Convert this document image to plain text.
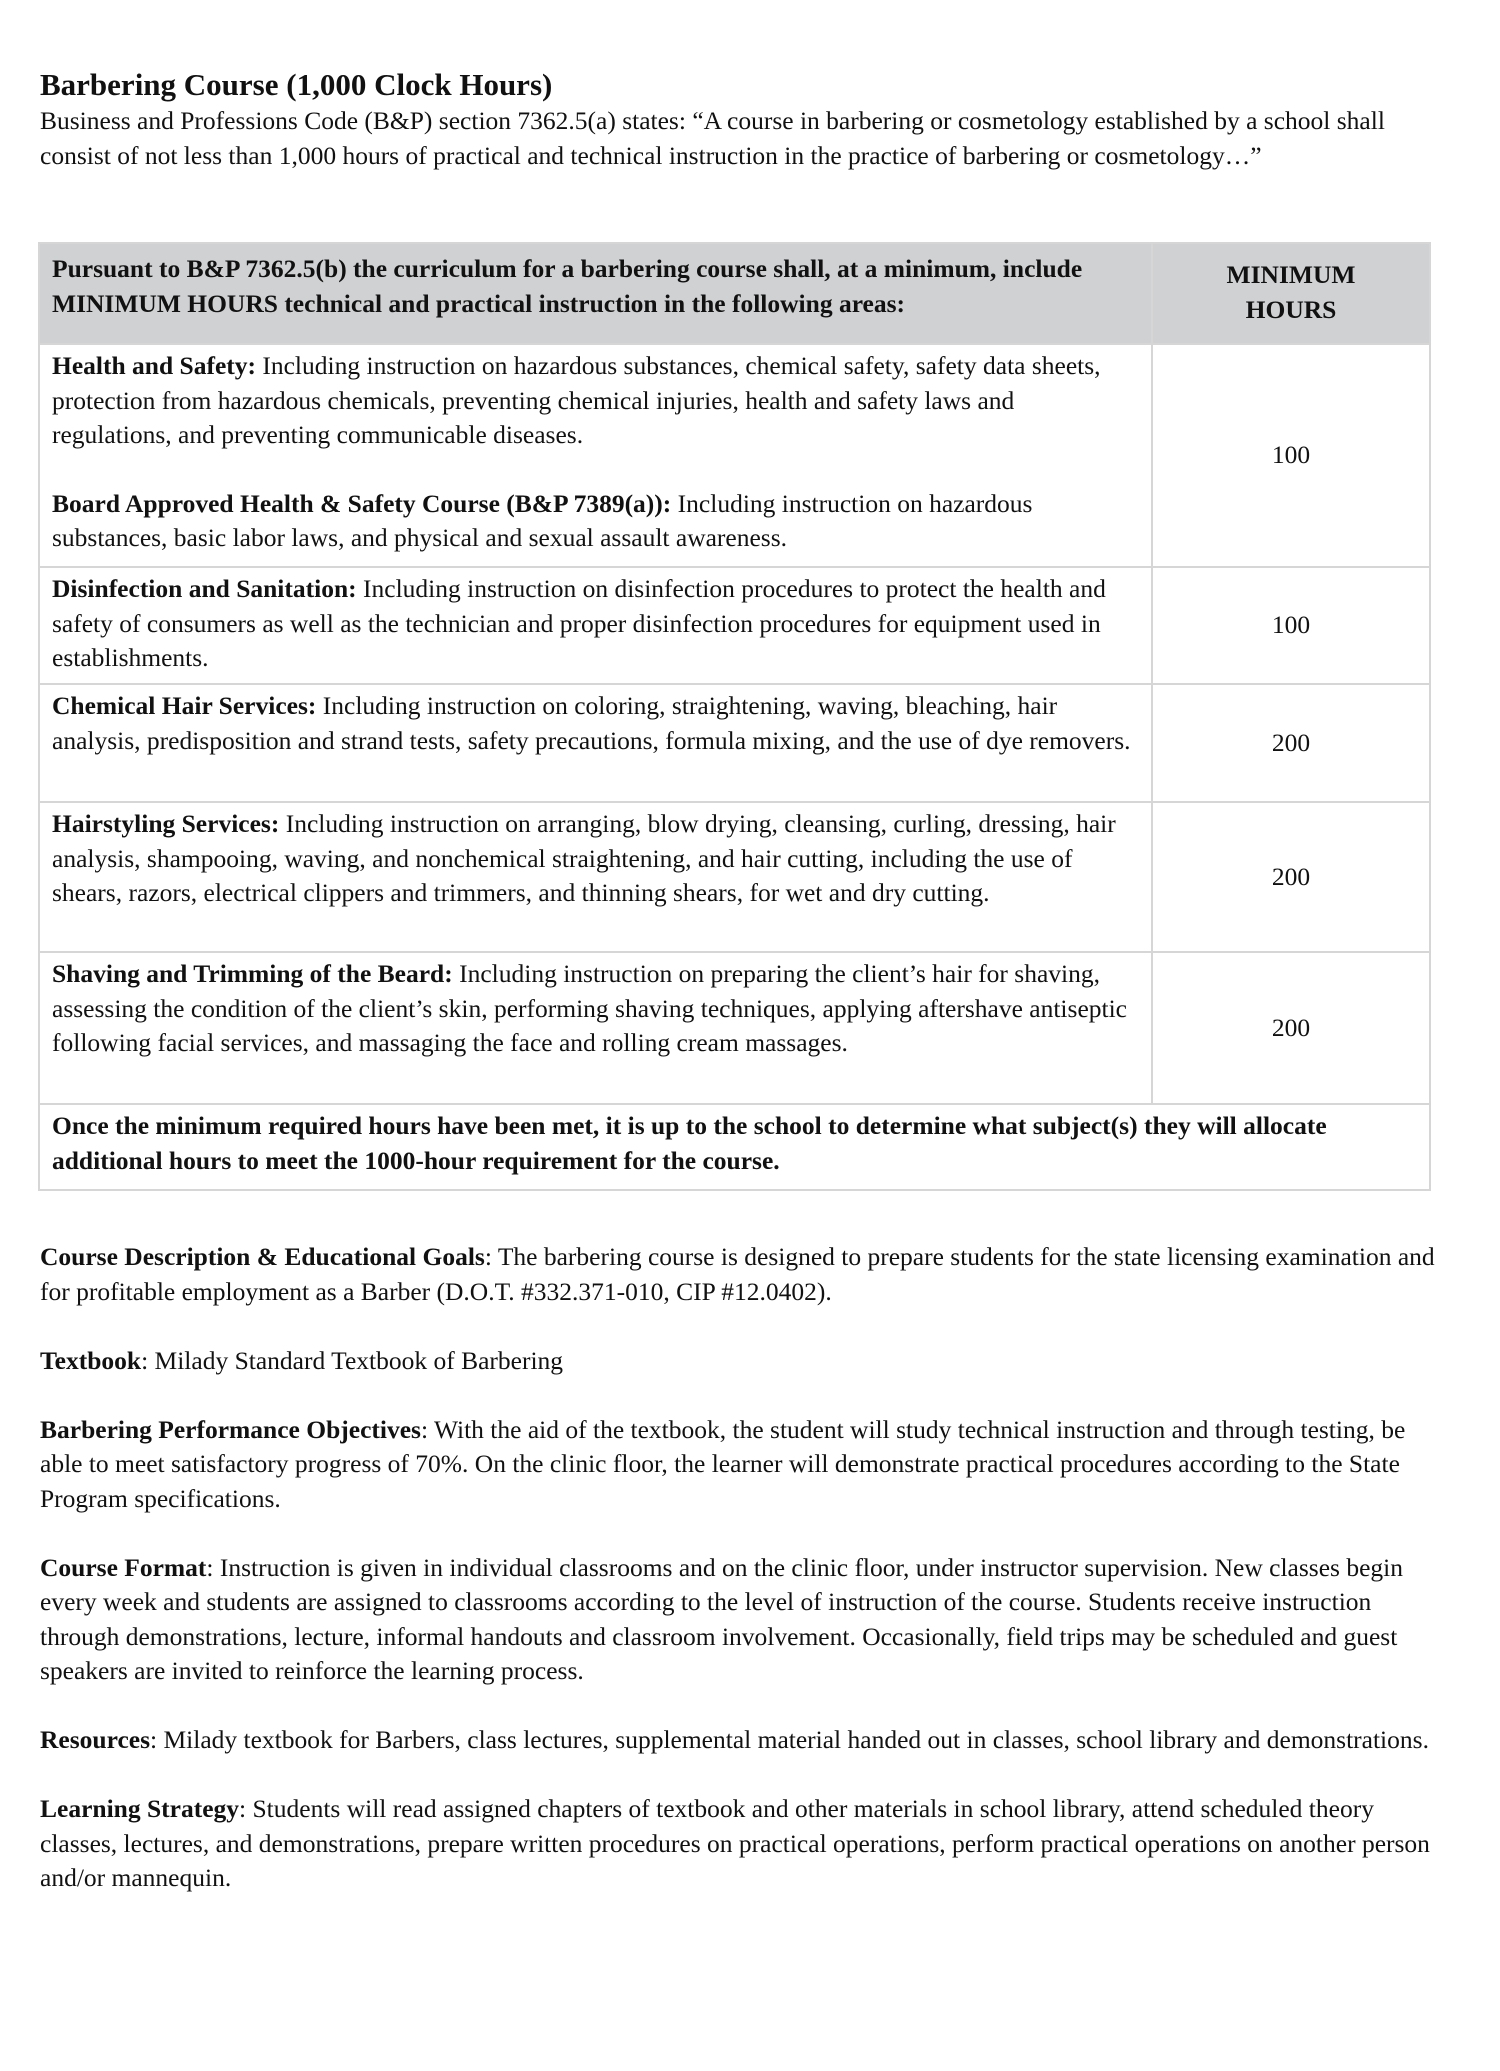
Barbering Course (1,000 Clock Hours)

Business and Professions Code (B&P) section 7362.5(a) states: “A course in barbering or cosmetology established by a school shall consist of not less than 1,000 hours of practical and technical instruction in the practice of barbering or cosmetology…”

Pursuant to B&P 7362.5(b) the curriculum for a barbering course shall, at a minimum, include MINIMUM HOURS technical and practical instruction in the following areas:	MINIMUM
HOURS
Health and Safety: Including instruction on hazardous substances, chemical safety, safety data sheets, protection from hazardous chemicals, preventing chemical injuries, health and safety laws and regulations, and preventing communicable diseases.
Board Approved Health & Safety Course (B&P 7389(a)): Including instruction on hazardous substances, basic labor laws, and physical and sexual assault awareness.	100
Disinfection and Sanitation: Including instruction on disinfection procedures to protect the health and safety of consumers as well as the technician and proper disinfection procedures for equipment used in establishments.	100
Chemical Hair Services: Including instruction on coloring, straightening, waving, bleaching, hair analysis, predisposition and strand tests, safety precautions, formula mixing, and the use of dye removers.	200
Hairstyling Services: Including instruction on arranging, blow drying, cleansing, curling, dressing, hair analysis, shampooing, waving, and nonchemical straightening, and hair cutting, including the use of shears, razors, electrical clippers and trimmers, and thinning shears, for wet and dry cutting.	200
Shaving and Trimming of the Beard: Including instruction on preparing the client’s hair for shaving, assessing the condition of the client’s skin, performing shaving techniques, applying aftershave antiseptic following facial services, and massaging the face and rolling cream massages.	200
Once the minimum required hours have been met, it is up to the school to determine what subject(s) they will allocate additional hours to meet the 1000-hour requirement for the course.	

Course Description & Educational Goals: The barbering course is designed to prepare students for the state licensing examination and for profitable employment as a Barber (D.O.T. #332.371-010, CIP #12.0402).

Textbook: Milady Standard Textbook of Barbering

Barbering Performance Objectives: With the aid of the textbook, the student will study technical instruction and through testing, be able to meet satisfactory progress of 70%. On the clinic floor, the learner will demonstrate practical procedures according to the State Program specifications.

Course Format: Instruction is given in individual classrooms and on the clinic floor, under instructor supervision. New classes begin every week and students are assigned to classrooms according to the level of instruction of the course. Students receive instruction through demonstrations, lecture, informal handouts and classroom involvement. Occasionally, field trips may be scheduled and guest speakers are invited to reinforce the learning process.

Resources: Milady textbook for Barbers, class lectures, supplemental material handed out in classes, school library and demonstrations.

Learning Strategy: Students will read assigned chapters of textbook and other materials in school library, attend scheduled theory classes, lectures, and demonstrations, prepare written procedures on practical operations, perform practical operations on another person and/or mannequin.
